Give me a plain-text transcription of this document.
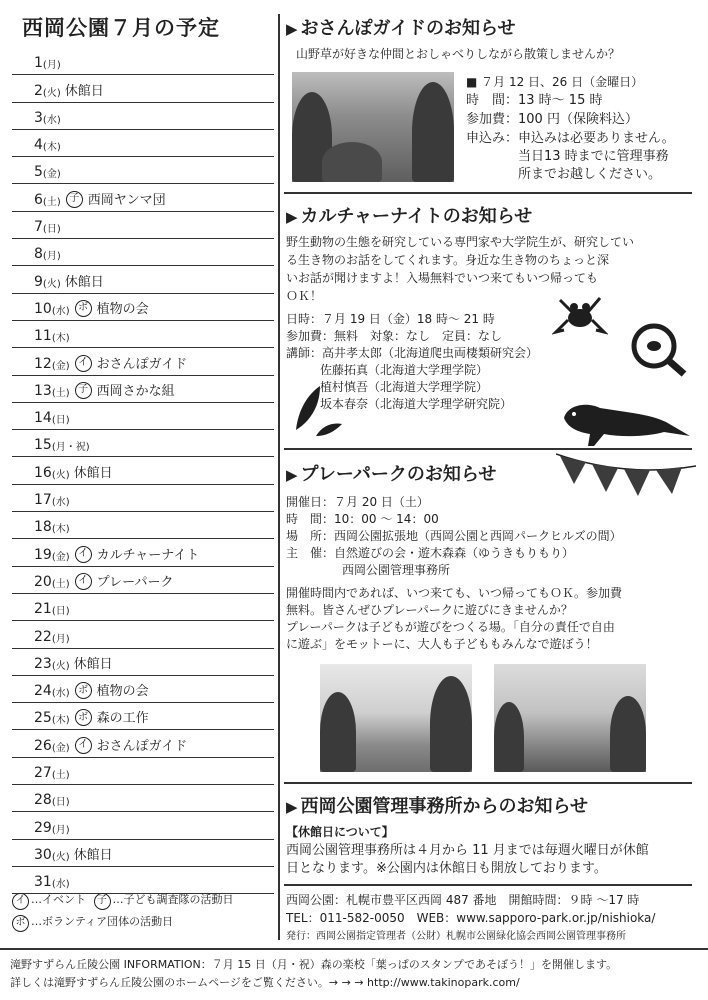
西岡公園７月の予定
1 (月)
2 (火) 休館日
3 (水)
4 (木)
5 (金)
6 (土) 子 西岡ヤンマ団
7 (日)
8 (月)
9 (火) 休館日
10 (水) ボ 植物の会
11 (木)
12 (金) イ おさんぽガイド
13 (土) 子 西岡さかな組
14 (日)
15 (月・祝)
16 (火) 休館日
17 (水)
18 (木)
19 (金) イ カルチャーナイト
20 (土) イ プレーパーク
21 (日)
22 (月)
23 (火) 休館日
24 (水) ボ 植物の会
25 (木) ボ 森の工作
26 (金) イ おさんぽガイド
27 (土)
28 (日)
29 (月)
30 (火) 休館日
31 (水)
イ …イベント 子 …子ども調査隊の活動日
ボ …ボランティア団体の活動日
▶ おさんぽガイドのお知らせ
山野草が好きな仲間とおしゃべりしながら散策しませんか？
■ ７月 12 日、26 日（金曜日）
時　間：13 時～ 15 時
参加費：100 円（保険料込）
申込み：申込みは必要ありません。
当日13 時までに管理事務
所までお越しください。
▶ カルチャーナイトのお知らせ
野生動物の生態を研究している専門家や大学院生が、研究してい
る生き物のお話をしてくれます。身近な生き物のちょっと深
いお話が聞けますよ！入場無料でいつ来てもいつ帰っても
ＯＫ！
日時：７月 19 日（金）18 時～ 21 時
参加費：無料　対象：なし　定員：なし
講師：高井孝太郎（北海道爬虫両棲類研究会）
佐藤拓真（北海道大学理学院）
植村慎吾（北海道大学理学院）
坂本春奈（北海道大学理学研究院）
▶ プレーパークのお知らせ
開催日：７月 20 日（土）
時　間：10：00 ～ 14：00
場　所：西岡公園拡張地（西岡公園と西岡パークヒルズの間）
主　催：自然遊びの会・遊木森森（ゆうきもりもり）
西岡公園管理事務所
開催時間内であれば、いつ来ても、いつ帰ってもＯＫ。参加費
無料。皆さんぜひプレーパークに遊びにきませんか？
プレーパークは子どもが遊びをつくる場。「自分の責任で自由
に遊ぶ」をモットーに、大人も子どももみんなで遊ぼう！
▶ 西岡公園管理事務所からのお知らせ
【休館日について】
西岡公園管理事務所は４月から 11 月までは毎週火曜日が休館
日となります。※公園内は休館日も開放しております。
西岡公園：札幌市豊平区西岡 487 番地　開館時間：９時 ～17 時
TEL：011-582-0050　WEB：www.sapporo-park.or.jp/nishioka/
発行：西岡公園指定管理者（公財）札幌市公園緑化協会西岡公園管理事務所
滝野すずらん丘陵公園 INFORMATION：７月 15 日（月・祝）森の楽校「葉っぱのスタンプであそぼう！」を開催します。
詳しくは滝野すずらん丘陵公園のホームページをご覧ください。→ → → http://www.takinopark.com/
